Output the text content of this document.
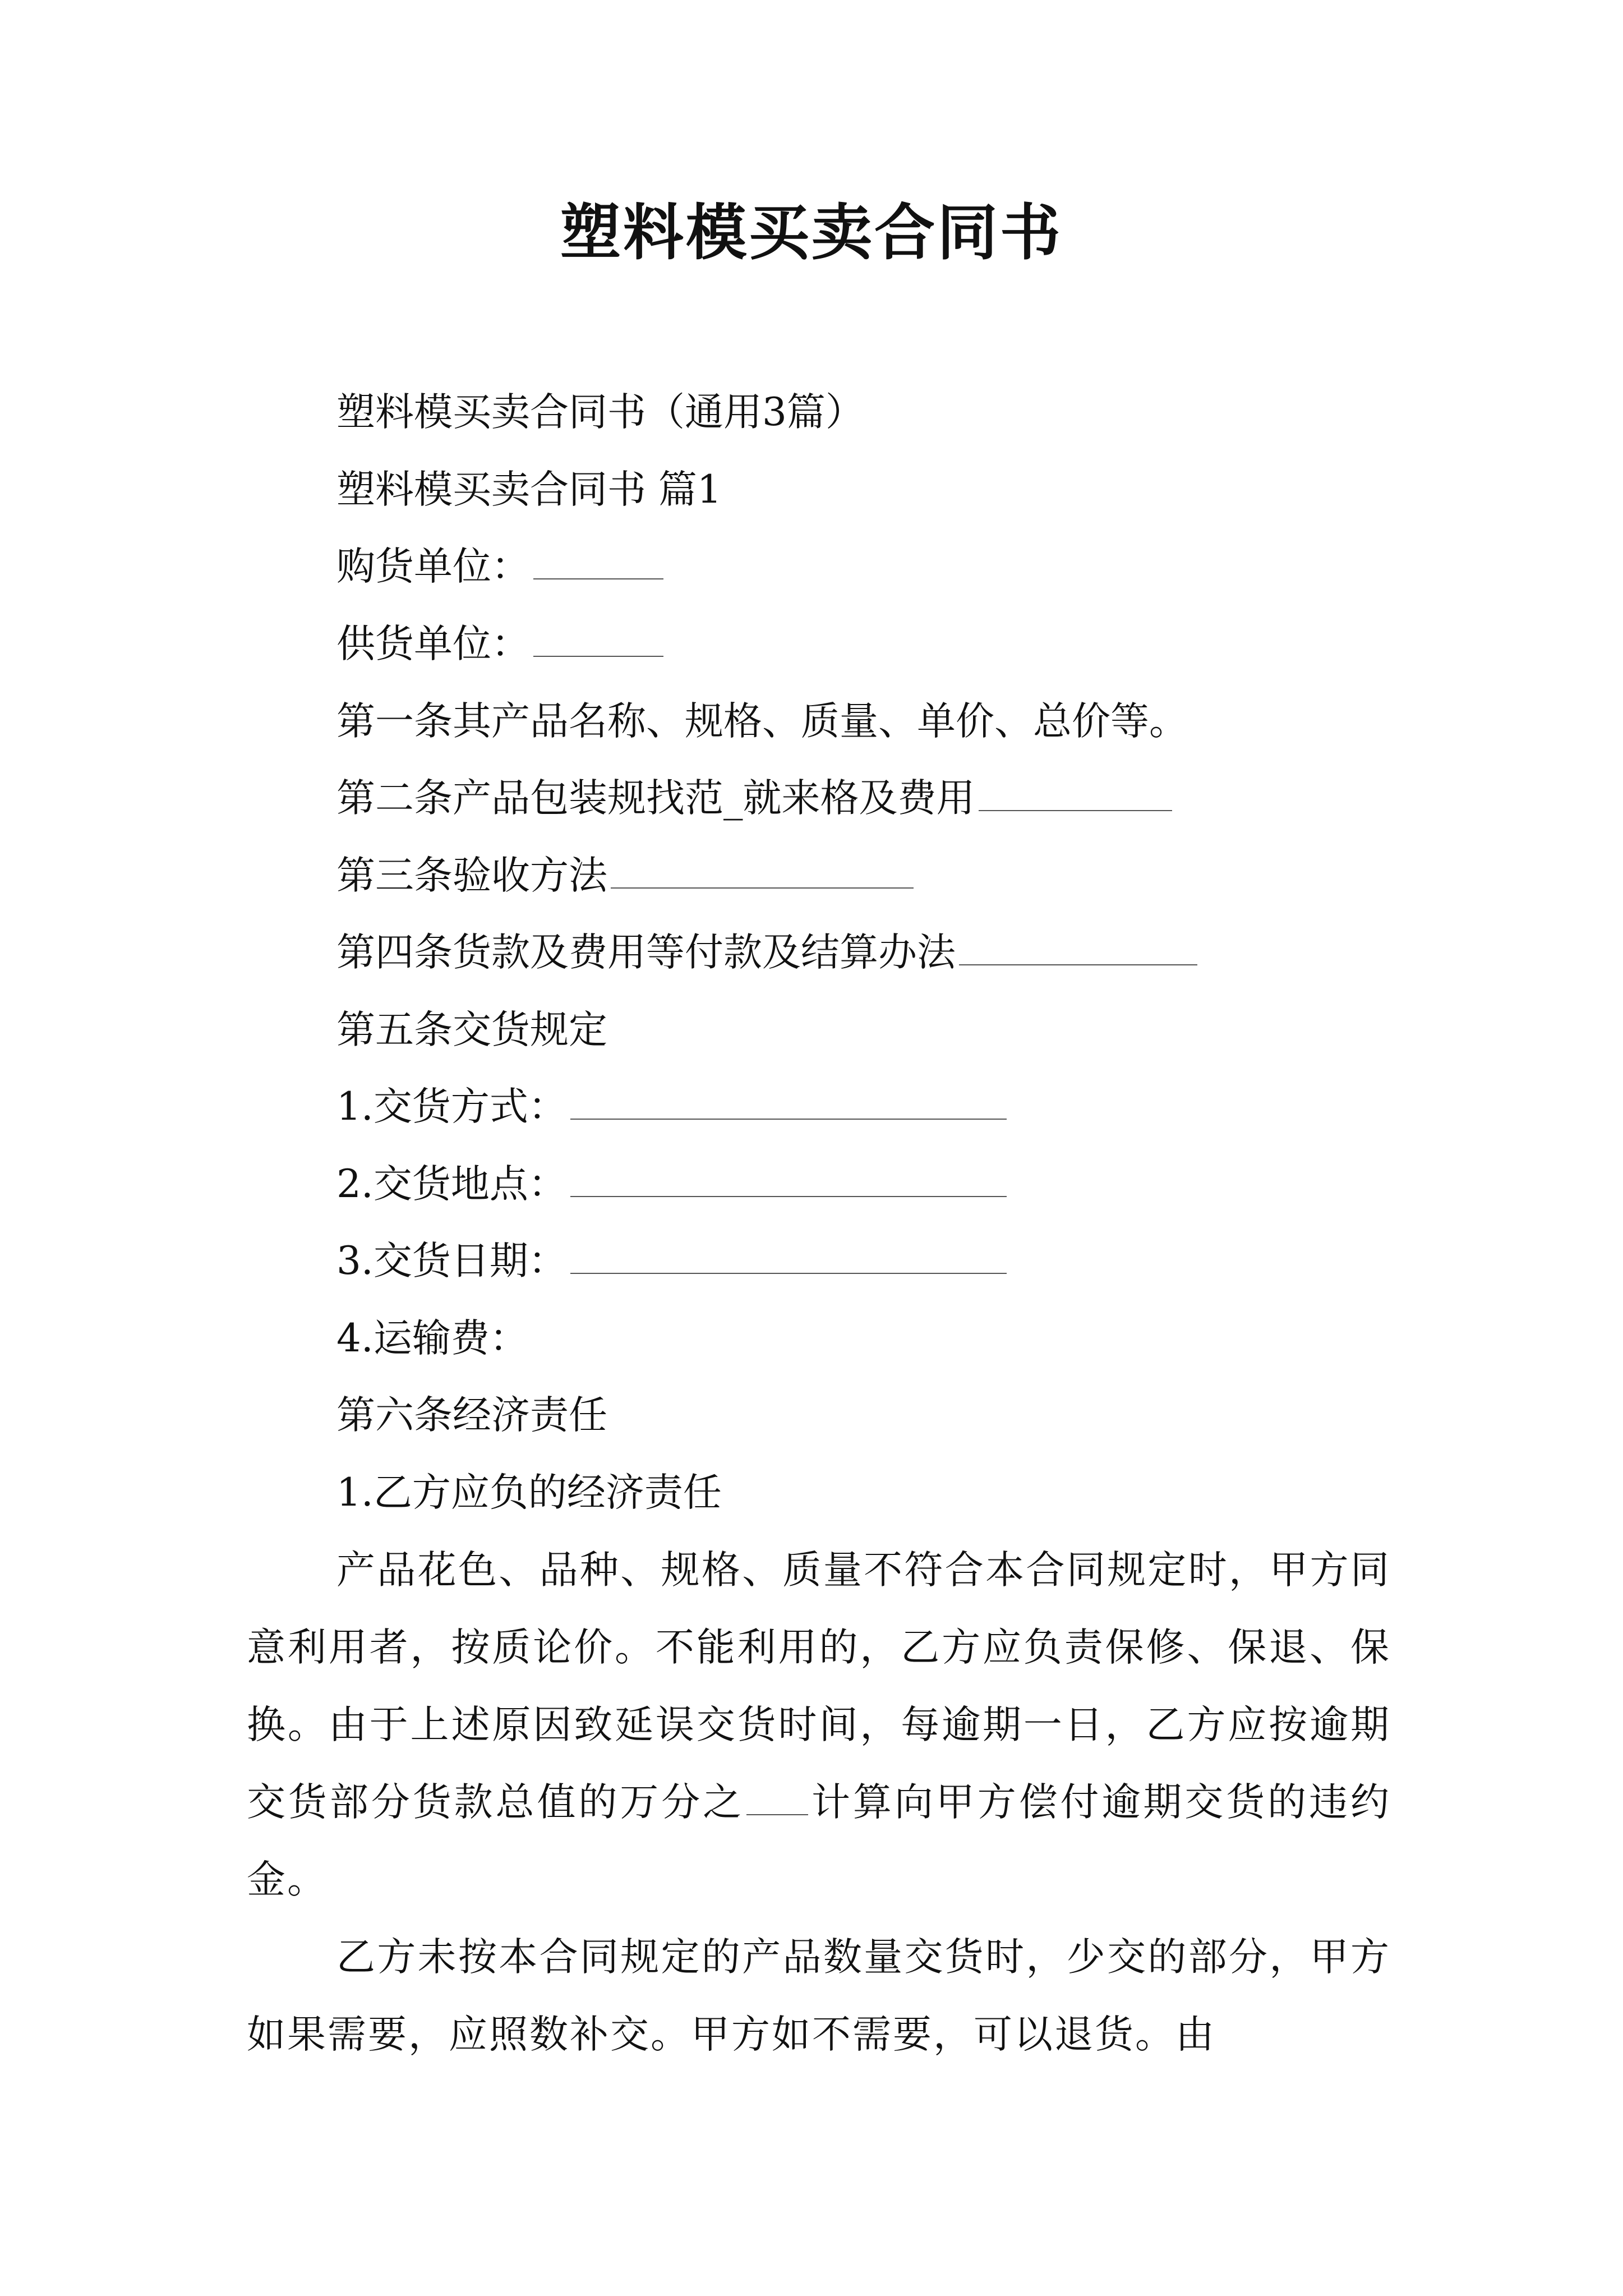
塑料模买卖合同书
塑料模买卖合同书（通用3篇）
塑料模买卖合同书 篇1
购货单位：
供货单位：
第一条其产品名称、规格、质量、单价、总价等。
第二条产品包装规找范_就来格及费用
第三条验收方法
第四条货款及费用等付款及结算办法
第五条交货规定
1.交货方式：
2.交货地点：
3.交货日期：
4.运输费：
第六条经济责任
1.乙方应负的经济责任
产品花色、品种、规格、质量不符合本合同规定时，甲方同意利用者，按质论价。不能利用的，乙方应负责保修、保退、保换。由于上述原因致延误交货时间，每逾期一日，乙方应按逾期交货部分货款总值的万分之 计算向甲方偿付逾期交货的违约金。
乙方未按本合同规定的产品数量交货时，少交的部分，甲方如果需要，应照数补交。甲方如不需要，可以退货。由
